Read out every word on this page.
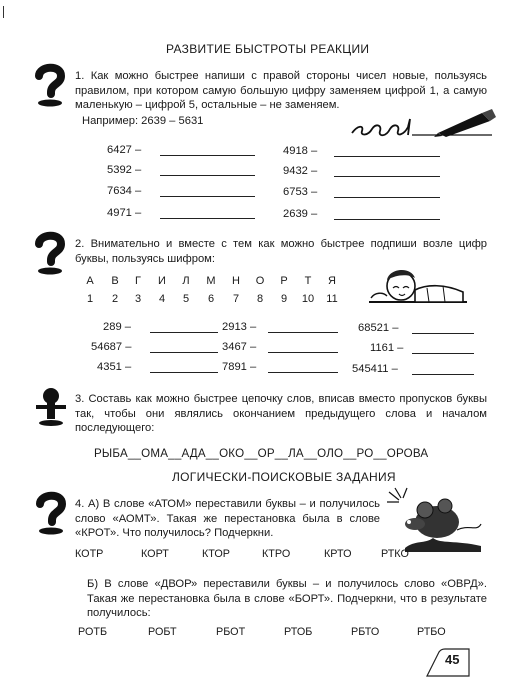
РАЗВИТИЕ БЫСТРОТЫ РЕАКЦИИ
1. Как можно быстрее напиши с правой стороны чисел новые, пользуясь правилом, при котором самую большую цифру заменяем цифрой 1, а самую маленькую – цифрой 5, остальные – не заменяем.
Например: 2639 – 5631
6427 –
5392 –
7634 –
4971 –
4918 –
9432 –
6753 –
2639 –
2. Внимательно и вместе с тем как можно быстрее подпиши возле цифр буквы, пользуясь шифром:
А	В	Г	И	Л	М	Н	О	Р	Т	Я
1	2	3	4	5	6	7	8	9	10	11
289 –
54687 –
4351 –
2913 –
3467 –
7891 –
68521 –
1161 –
545411 –
3. Составь как можно быстрее цепочку слов, вписав вместо пропусков буквы так, чтобы они являлись окончанием предыдущего слова и началом последующего:
РЫБА__ОМА__АДА__ОКО__ОР__ЛА__ОЛО__РО__ОРОВА
ЛОГИЧЕСКИ-ПОИСКОВЫЕ ЗАДАНИЯ
4. А) В слове «АТОМ» переставили буквы – и получилось слово «АОМТ». Такая же перестановка была в слове «КРОТ». Что получилось? Подчеркни.
КОТР	КОРТ	КТОР	КТРО	КРТО	РТКО
Б) В слове «ДВОР» переставили буквы – и получилось слово «ОВРД». Такая же перестановка была в слове «БОРТ». Подчеркни, что в результате получилось:
РОТБ	РОБТ	РБОТ	РТОБ	РБТО	РТБО
45
